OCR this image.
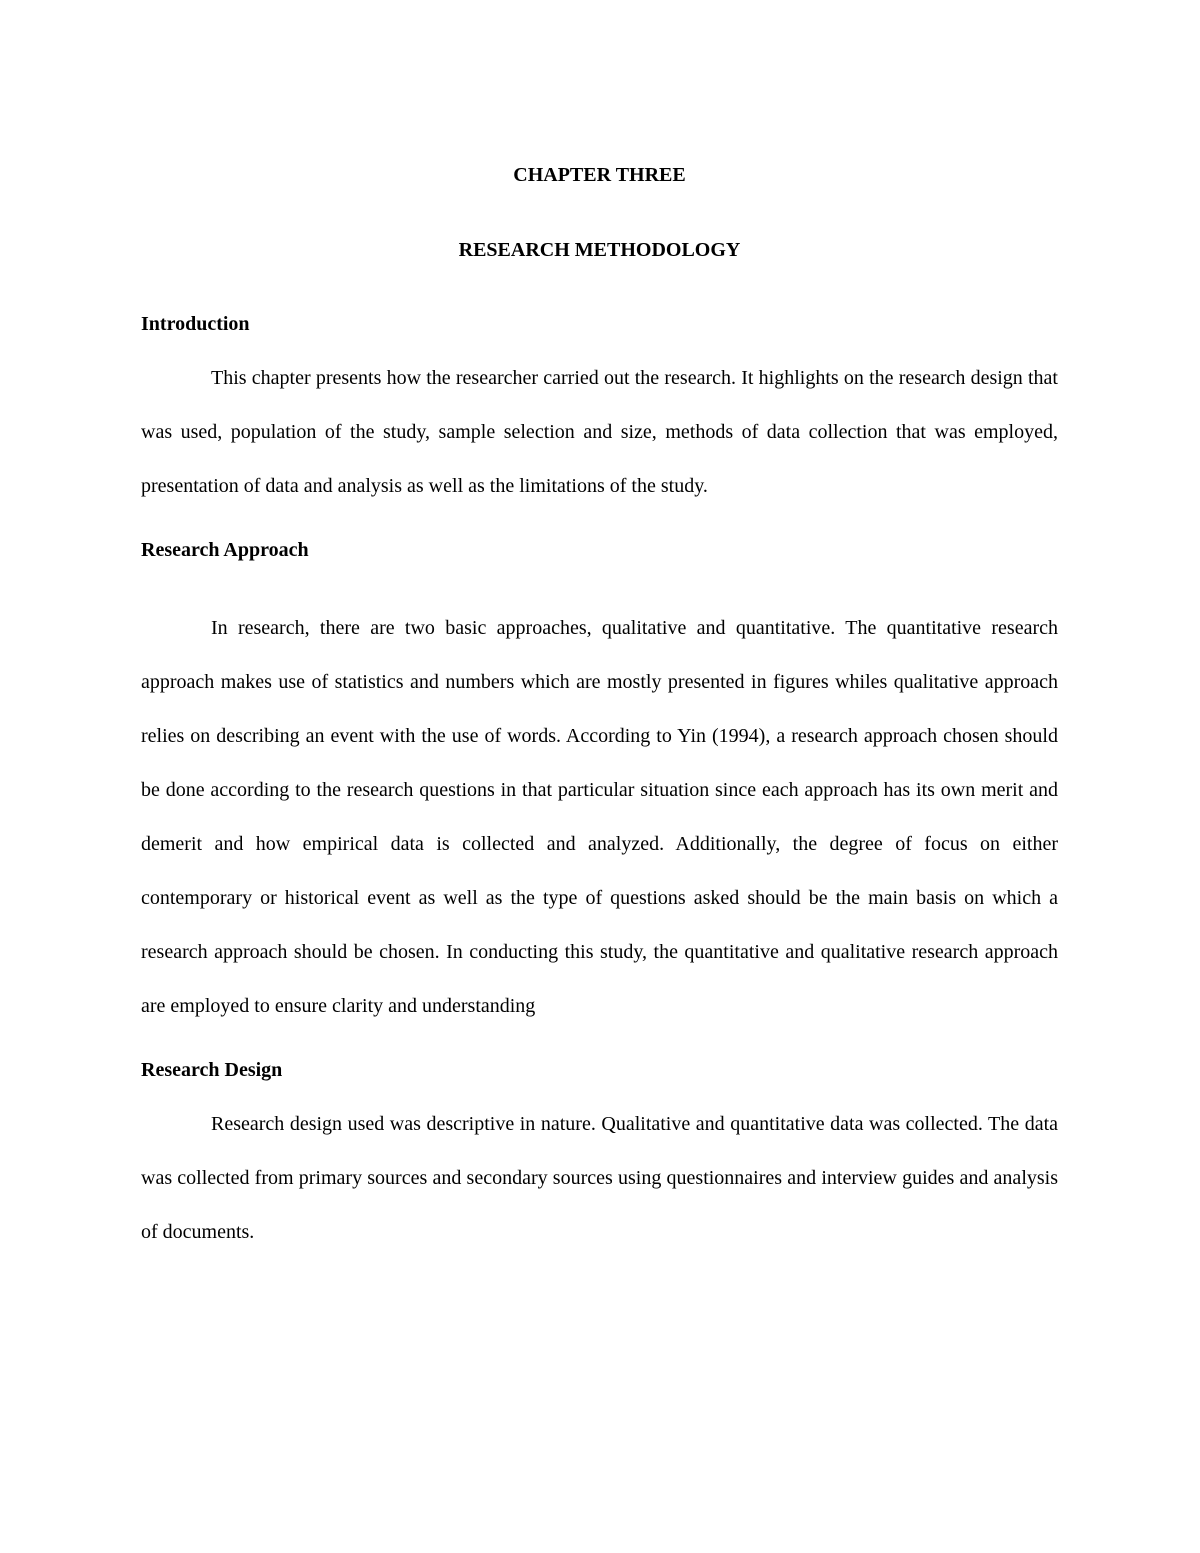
CHAPTER THREE
RESEARCH METHODOLOGY
Introduction

This chapter presents how the researcher carried out the research. It highlights on the research design that was used, population of the study, sample selection and size, methods of data collection that was employed, presentation of data and analysis as well as the limitations of the study.

Research Approach

In research, there are two basic approaches, qualitative and quantitative. The quantitative research approach makes use of statistics and numbers which are mostly presented in figures whiles qualitative approach relies on describing an event with the use of words. According to Yin (1994), a research approach chosen should be done according to the research questions in that particular situation since each approach has its own merit and demerit and how empirical data is collected and analyzed. Additionally, the degree of focus on either contemporary or historical event as well as the type of questions asked should be the main basis on which a research approach should be chosen. In conducting this study, the quantitative and qualitative research approach are employed to ensure clarity and understanding

Research Design

Research design used was descriptive in nature. Qualitative and quantitative data was collected. The data was collected from primary sources and secondary sources using questionnaires and interview guides and analysis of documents.
